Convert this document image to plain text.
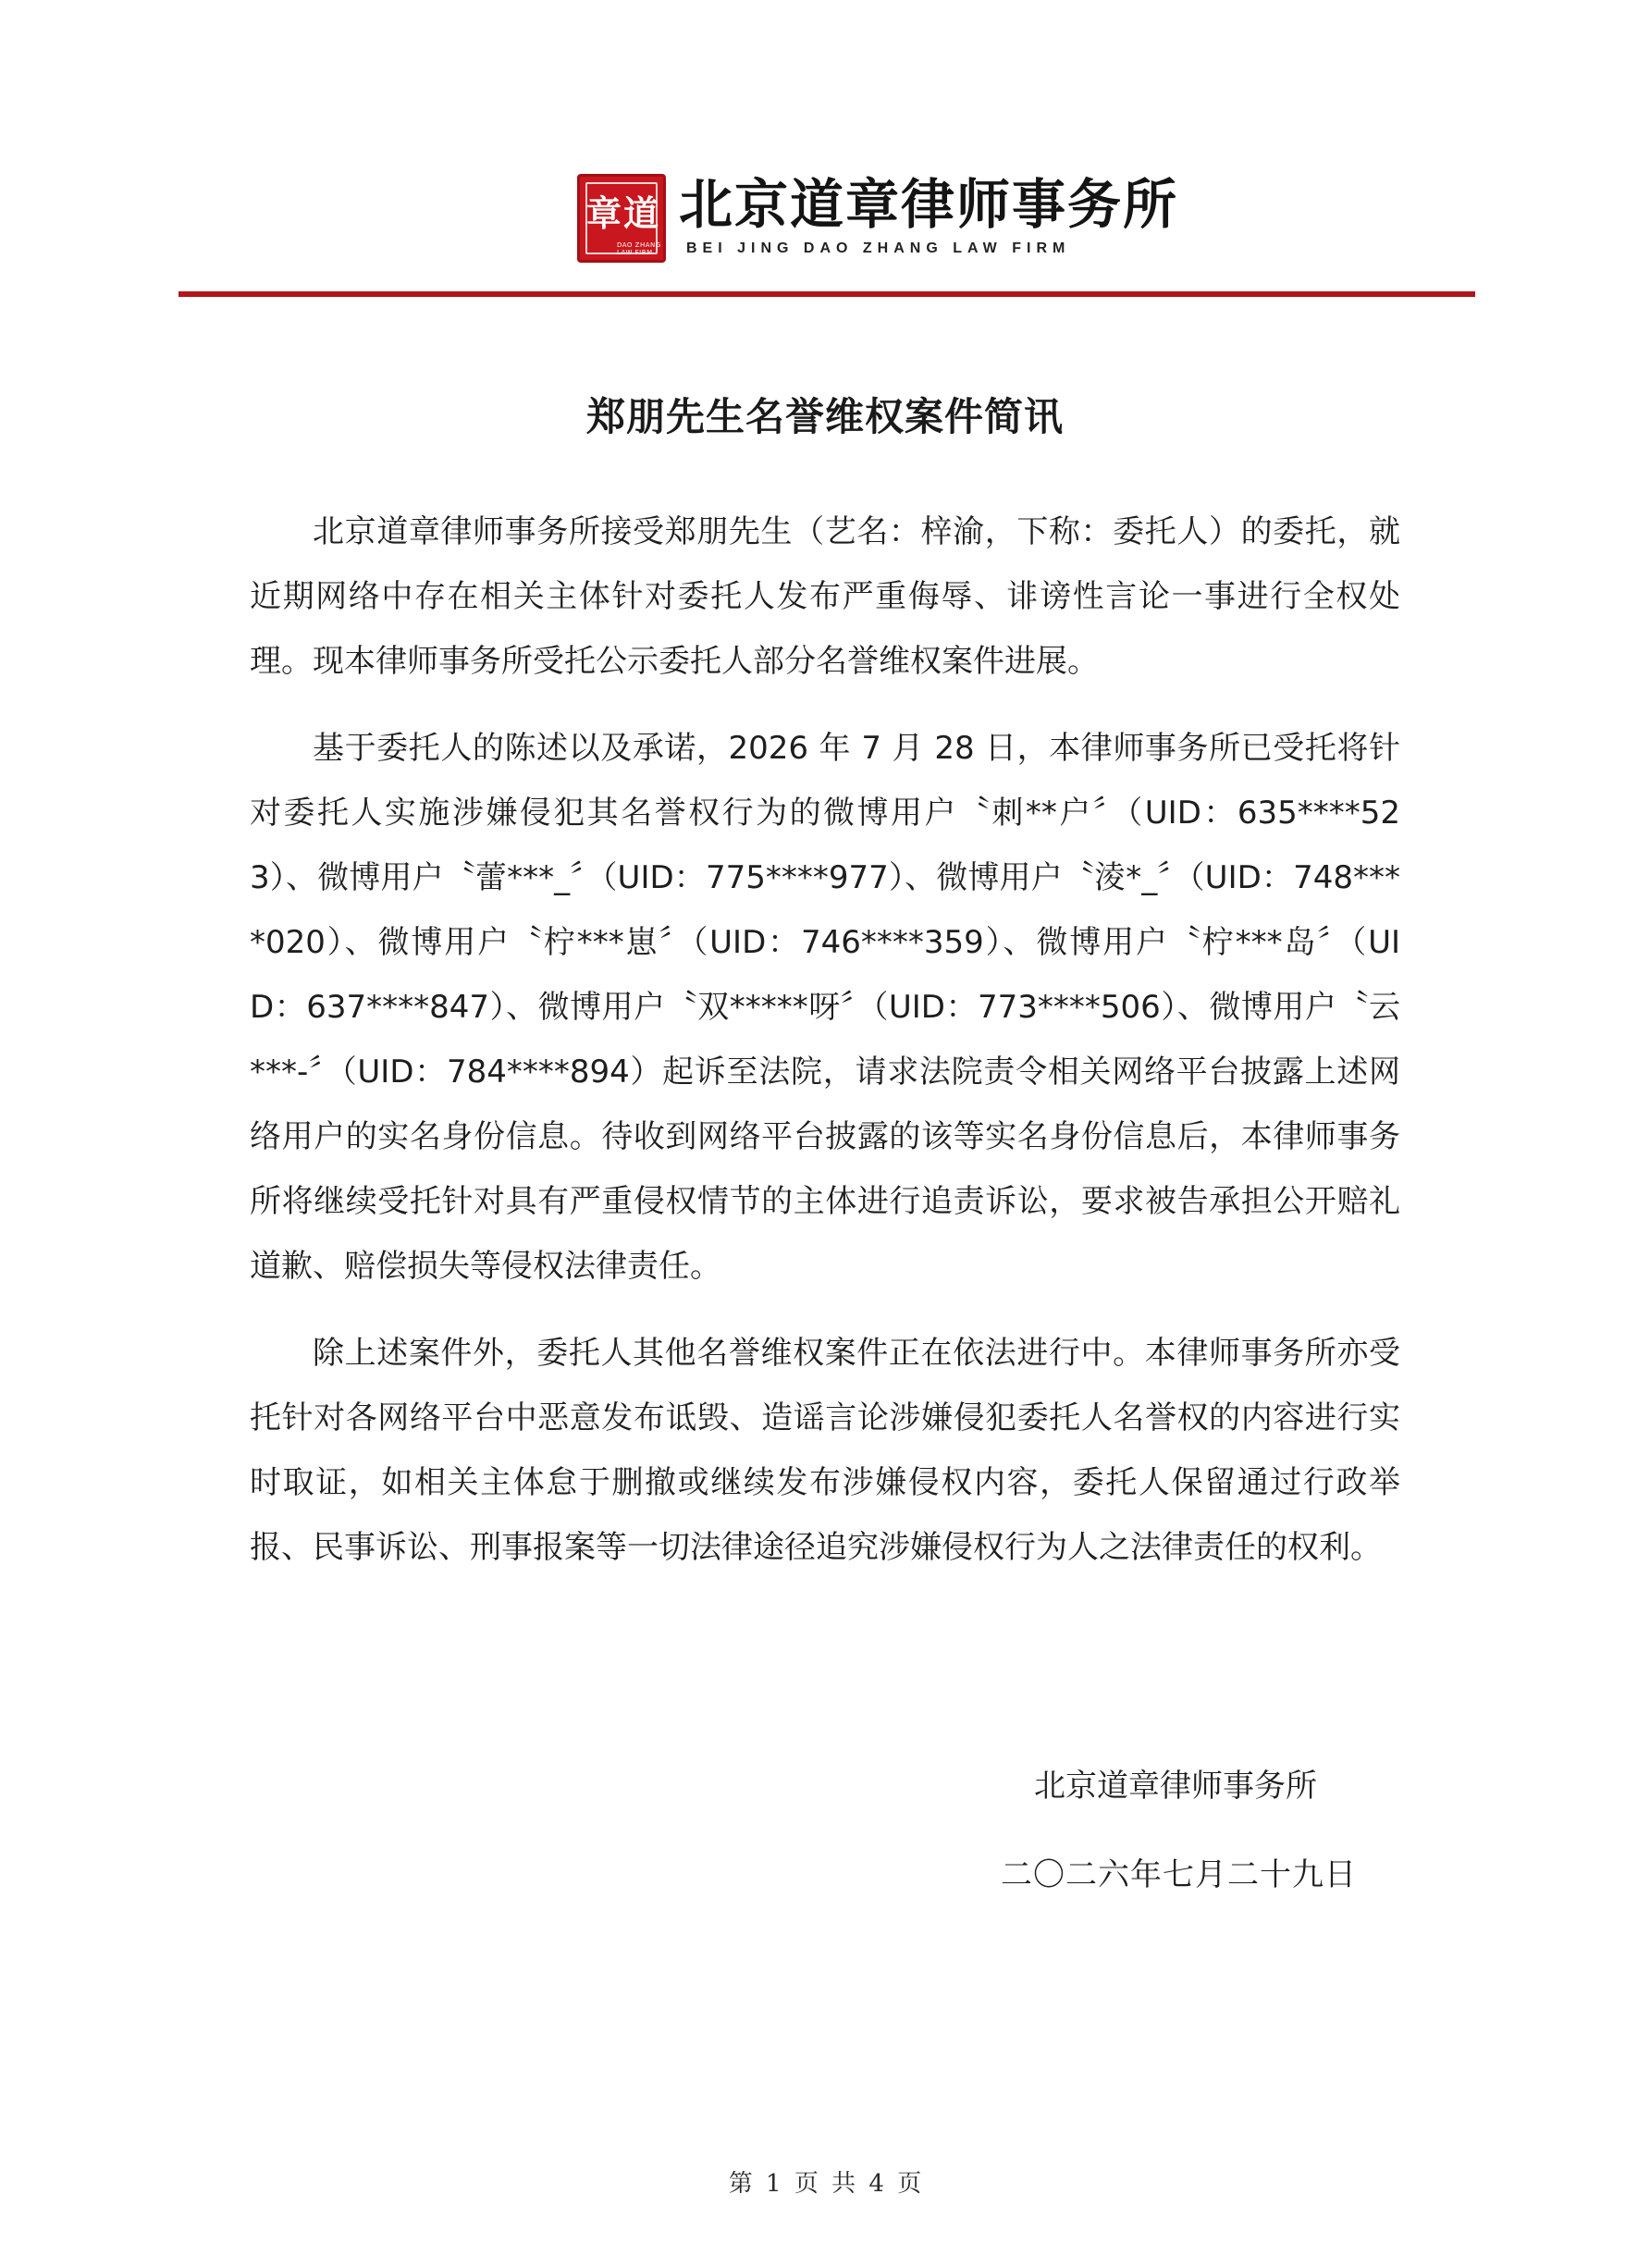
章 道
DAO ZHANG LAW FIRM
北京道章律师事务所
BEI JING DAO ZHANG LAW FIRM
郑朋先生名誉维权案件简讯

北京道章律师事务所接受郑朋先生（艺名：梓渝，下称：委托人）的委托，就近期网络中存在相关主体针对委托人发布严重侮辱、诽谤性言论一事进行全权处理。现本律师事务所受托公示委托人部分名誉维权案件进展。

基于委托人的陈述以及承诺，2026 年 7 月 28 日，本律师事务所已受托将针对委托人实施涉嫌侵犯其名誉权行为的微博用户〝刺**户〞（UID：635****523）、微博用户〝蕾***_〞（UID：775****977）、微博用户〝淩*_〞（UID：748****020）、微博用户〝柠***崽〞（UID：746****359）、微博用户〝柠***岛〞（UID：637****847）、微博用户〝双*****呀〞（UID：773****506）、微博用户〝云***-〞（UID：784****894）起诉至法院，请求法院责令相关网络平台披露上述网络用户的实名身份信息。待收到网络平台披露的该等实名身份信息后，本律师事务所将继续受托针对具有严重侵权情节的主体进行追责诉讼，要求被告承担公开赔礼道歉、赔偿损失等侵权法律责任。

除上述案件外，委托人其他名誉维权案件正在依法进行中。本律师事务所亦受托针对各网络平台中恶意发布诋毁、造谣言论涉嫌侵犯委托人名誉权的内容进行实时取证，如相关主体怠于删撤或继续发布涉嫌侵权内容，委托人保留通过行政举报、民事诉讼、刑事报案等一切法律途径追究涉嫌侵权行为人之法律责任的权利。

北京道章律师事务所
二〇二六年七月二十九日
第 1 页 共 4 页
